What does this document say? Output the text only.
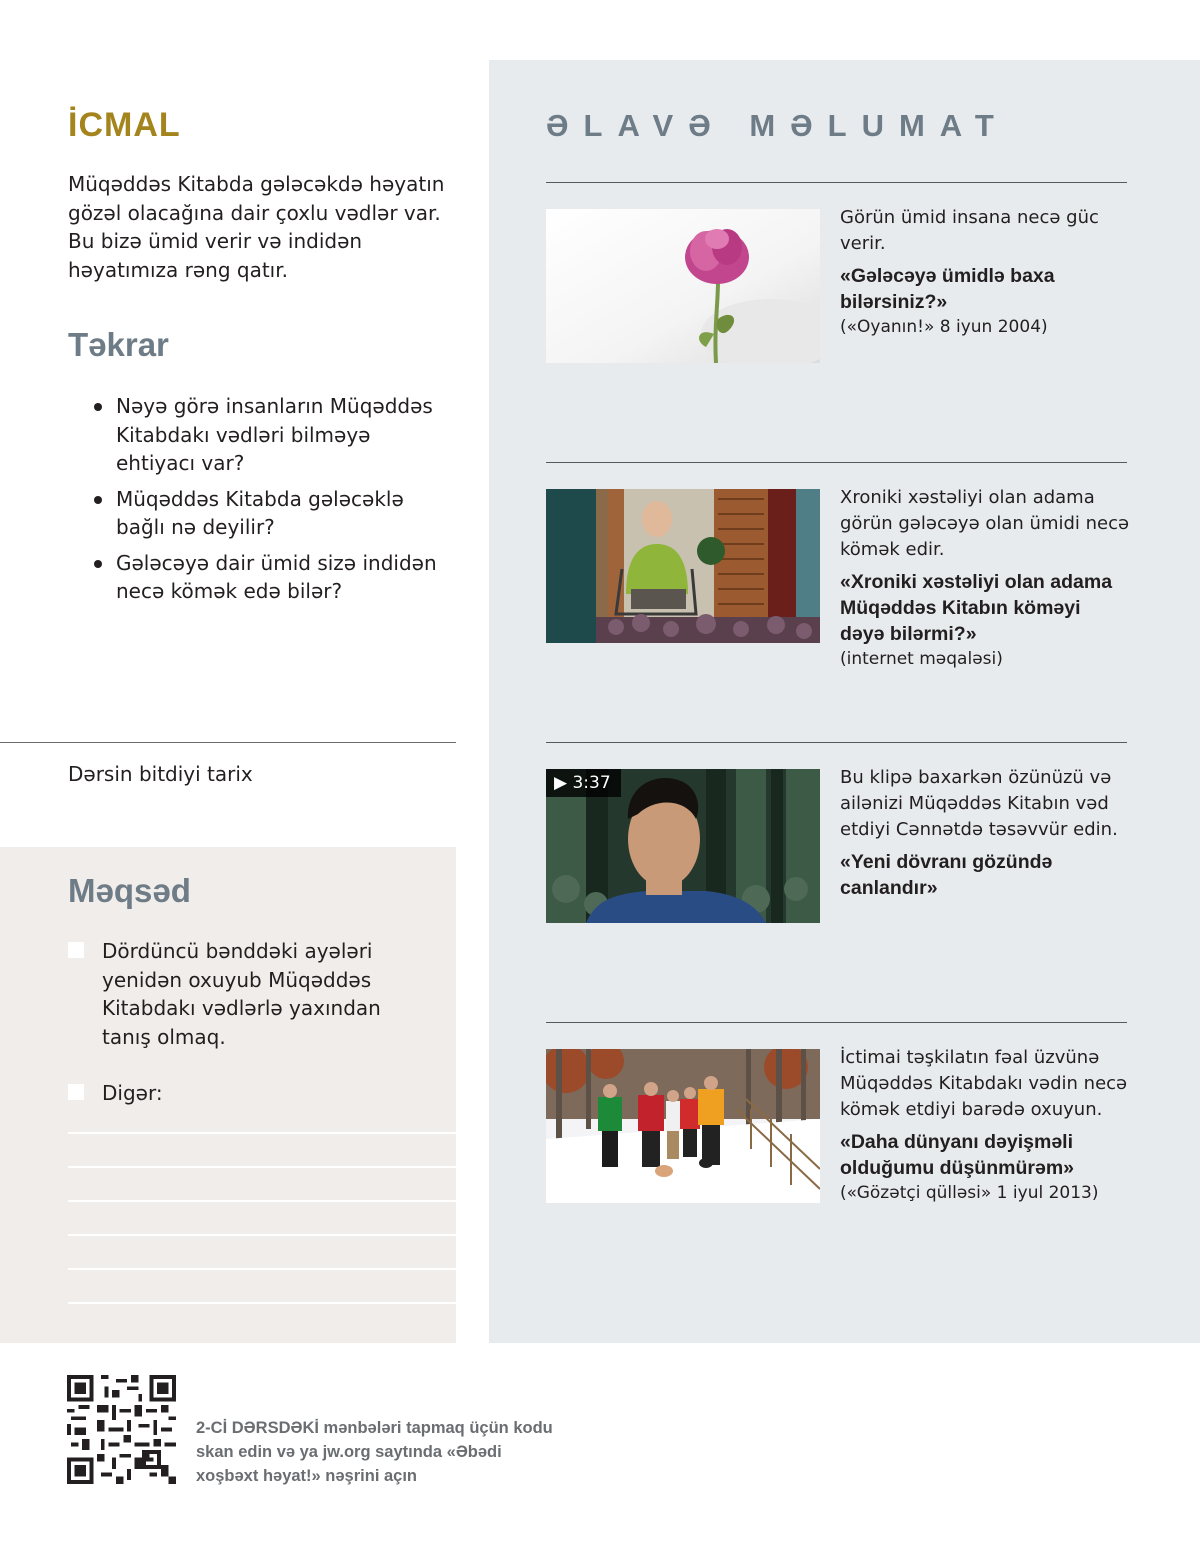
İCMAL

Müqəddəs Kitabda gələcəkdə həyatın gözəl olacağına dair çoxlu vədlər var. Bu bizə ümid verir və indidən həyatımıza rəng qatır.

Təkrar
Nəyə görə insanların Müqəddəs Kitabdakı vədləri bilməyə ehtiyacı var?
Müqəddəs Kitabda gələcəklə bağlı nə deyilir?
Gələcəyə dair ümid sizə indidən necə kömək edə bilər?
Dərsin bitdiyi tarix
Məqsəd
Dördüncü bənddəki ayələri yenidən oxuyub Müqəddəs Kitabdakı vədlərlə yaxından tanış olmaq.
Digər:
ƏLAVƏ MƏLUMAT
Görün ümid insana necə güc verir.
«Gələcəyə ümidlə baxa bilərsiniz?»
(«Oyanın!» 8 iyun 2004)
Xroniki xəstəliyi olan adama görün gələcəyə olan ümidi necə kömək edir.
«Xroniki xəstəliyi olan adama Müqəddəs Kitabın köməyi dəyə bilərmi?»
(internet məqaləsi)
▶ 3:37	Bu klipə baxarkən özünüzü və ailənizi Müqəddəs Kitabın vəd etdiyi Cənnətdə təsəvvür edin.
«Yeni dövranı gözündə canlandır»
İctimai təşkilatın fəal üzvünə Müqəddəs Kitabdakı vədin necə kömək etdiyi barədə oxuyun.
«Daha dünyanı dəyişməli olduğumu düşünmürəm»
(«Gözətçi qülləsi» 1 iyul 2013)

2-Cİ DƏRSDƏKİ mənbələri tapmaq üçün kodu skan edin və ya jw.org saytında «Əbədi xoşbəxt həyat!» nəşrini açın
